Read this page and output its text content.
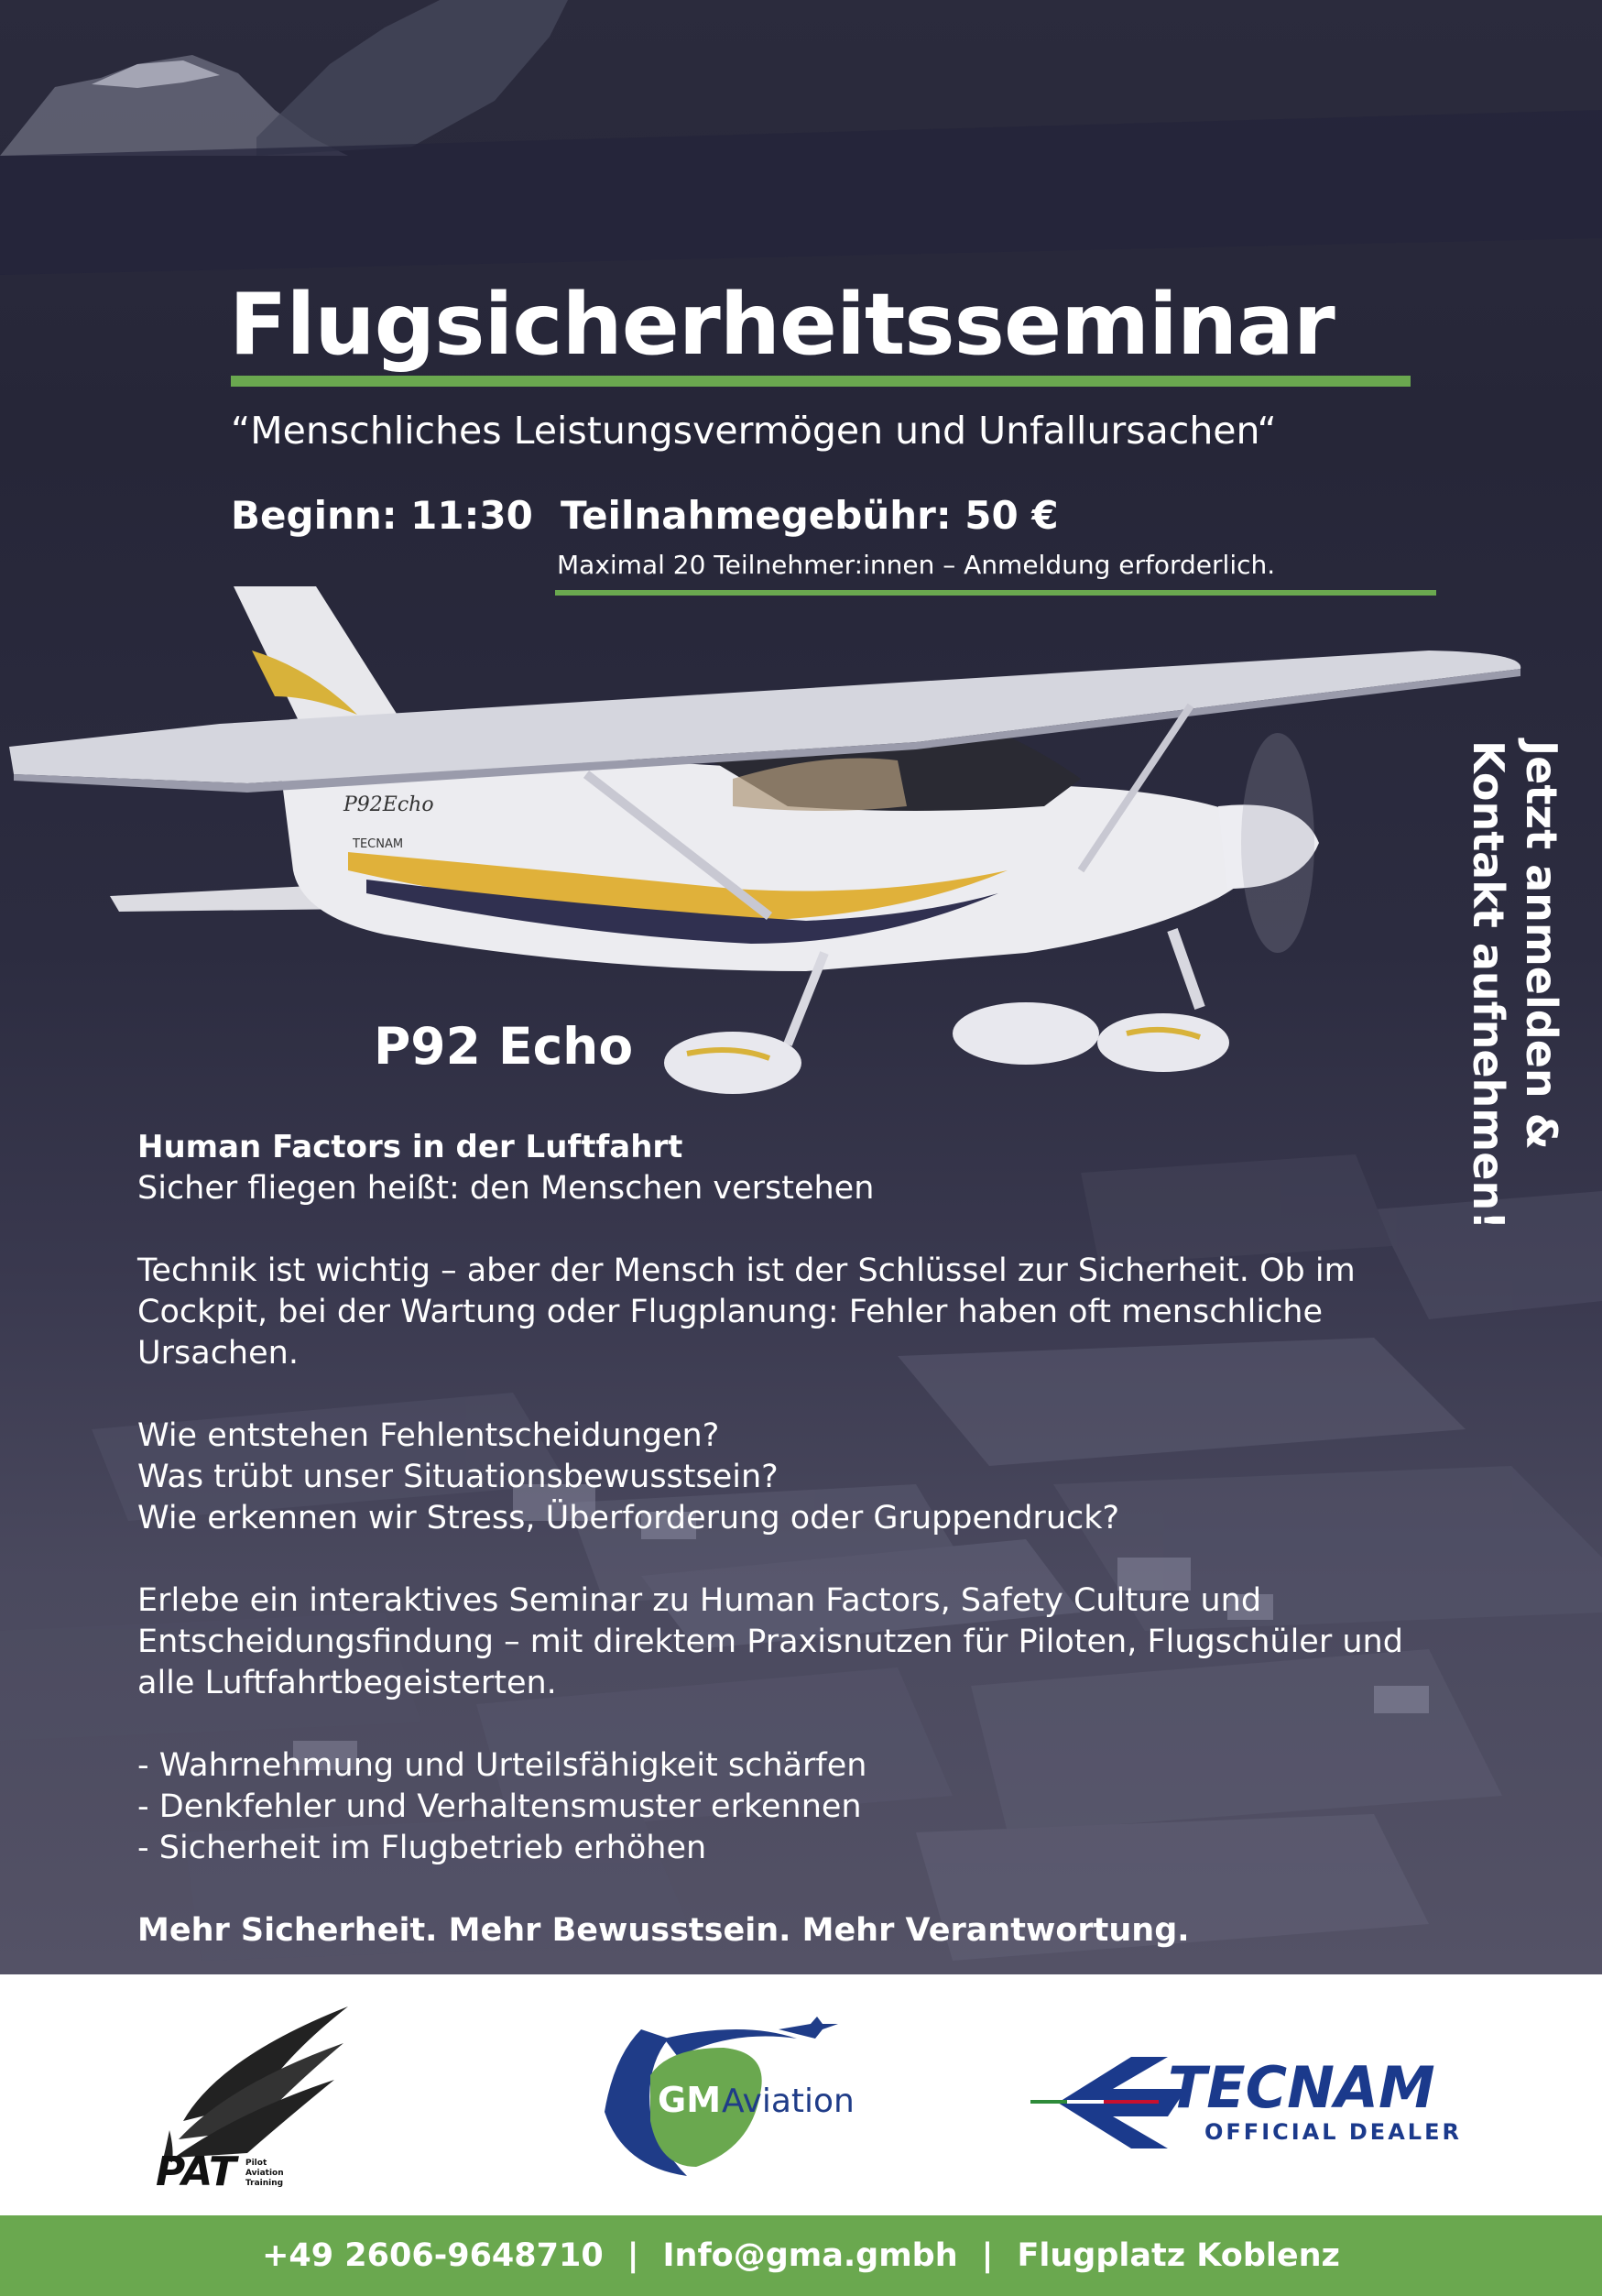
Flugsicherheitsseminar
“Menschliches Leistungsvermögen und Unfallursachen“
Beginn: 11:30 Teilnahmegebühr: 50 €
Maximal 20 Teilnehmer:innen – Anmeldung erforderlich.
P92Echo
TECNAM
P92 Echo	Jetzt anmelden &
Kontakt aufnehmen!

Human Factors in der Luftfahrt

Sicher fliegen heißt: den Menschen verstehen

Technik ist wichtig – aber der Mensch ist der Schlüssel zur Sicherheit. Ob im Cockpit, bei der Wartung oder Flugplanung: Fehler haben oft menschliche Ursachen.

Wie entstehen Fehlentscheidungen?

Was trübt unser Situationsbewusstsein?

Wie erkennen wir Stress, Überforderung oder Gruppendruck?

Erlebe ein interaktives Seminar zu Human Factors, Safety Culture und Entscheidungsfindung – mit direktem Praxisnutzen für Piloten, Flugschüler und alle Luftfahrtbegeisterten.

- Wahrnehmung und Urteilsfähigkeit schärfen

- Denkfehler und Verhaltensmuster erkennen

- Sicherheit im Flugbetrieb erhöhen

Mehr Sicherheit. Mehr Bewusstsein. Mehr Verantwortung.

PAT	Pilot
Aviation
Training
GM Aviation	TECNAM
OFFICIAL DEALER
+49 2606-9648710 | Info@gma.gmbh | Flugplatz Koblenz
